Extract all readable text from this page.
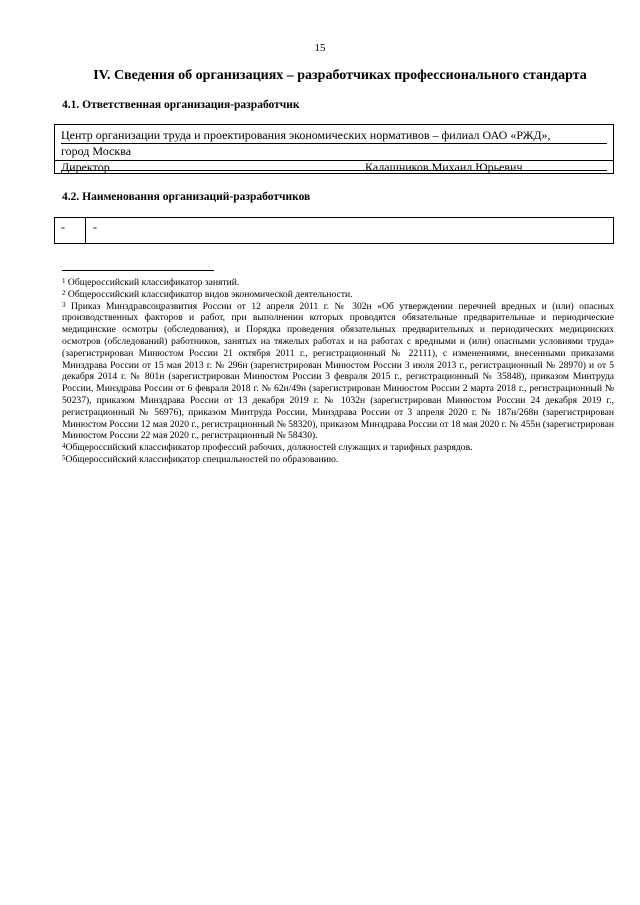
15
IV. Сведения об организациях – разработчиках профессионального стандарта
4.1. Ответственная организация-разработчик
Центр организации труда и проектирования экономических нормативов – филиал ОАО «РЖД»,
город Москва
Директор	Калашников Михаил Юрьевич
4.2. Наименования организаций-разработчиков
- -

$^1$ Общероссийский классификатор занятий.

$^2$ Общероссийский классификатор видов экономической деятельности.

$^3$ Приказ Минздравсоцразвития России от 12 апреля 2011 г. № 302н «Об утверждении перечней вредных и (или) опасных производственных факторов и работ, при выполнении которых проводятся обязательные предварительные и периодические медицинские осмотры (обследования), и Порядка проведения обязательных предварительных и периодических медицинских осмотров (обследований) работников, занятых на тяжелых работах и на работах с вредными и (или) опасными условиями труда» (зарегистрирован Минюстом России 21 октября 2011 г., регистрационный № 22111), с изменениями, внесенными приказами Минздрава России от 15 мая 2013 г. № 296н (зарегистрирован Минюстом России 3 июля 2013 г., регистрационный № 28970) и от 5 декабря 2014 г. № 801н (зарегистрирован Минюстом России 3 февраля 2015 г., регистрационный № 35848), приказом Минтруда России, Минздрава России от 6 февраля 2018 г. № 62н/49н (зарегистрирован Минюстом России 2 марта 2018 г., регистрационный № 50237), приказом Минздрава России от 13 декабря 2019 г. № 1032н (зарегистрирован Минюстом России 24 декабря 2019 г., регистрационный № 56976), приказом Минтруда России, Минздрава России от 3 апреля 2020 г. № 187н/268н (зарегистрирован Минюстом России 12 мая 2020 г., регистрационный № 58320), приказом Минздрава России от 18 мая 2020 г. № 455н (зарегистрирован Минюстом России 22 мая 2020 г., регистрационный № 58430).

$^4$Общероссийский классификатор профессий рабочих, должностей служащих и тарифных разрядов.

$^5$Общероссийский классификатор специальностей по образованию.
